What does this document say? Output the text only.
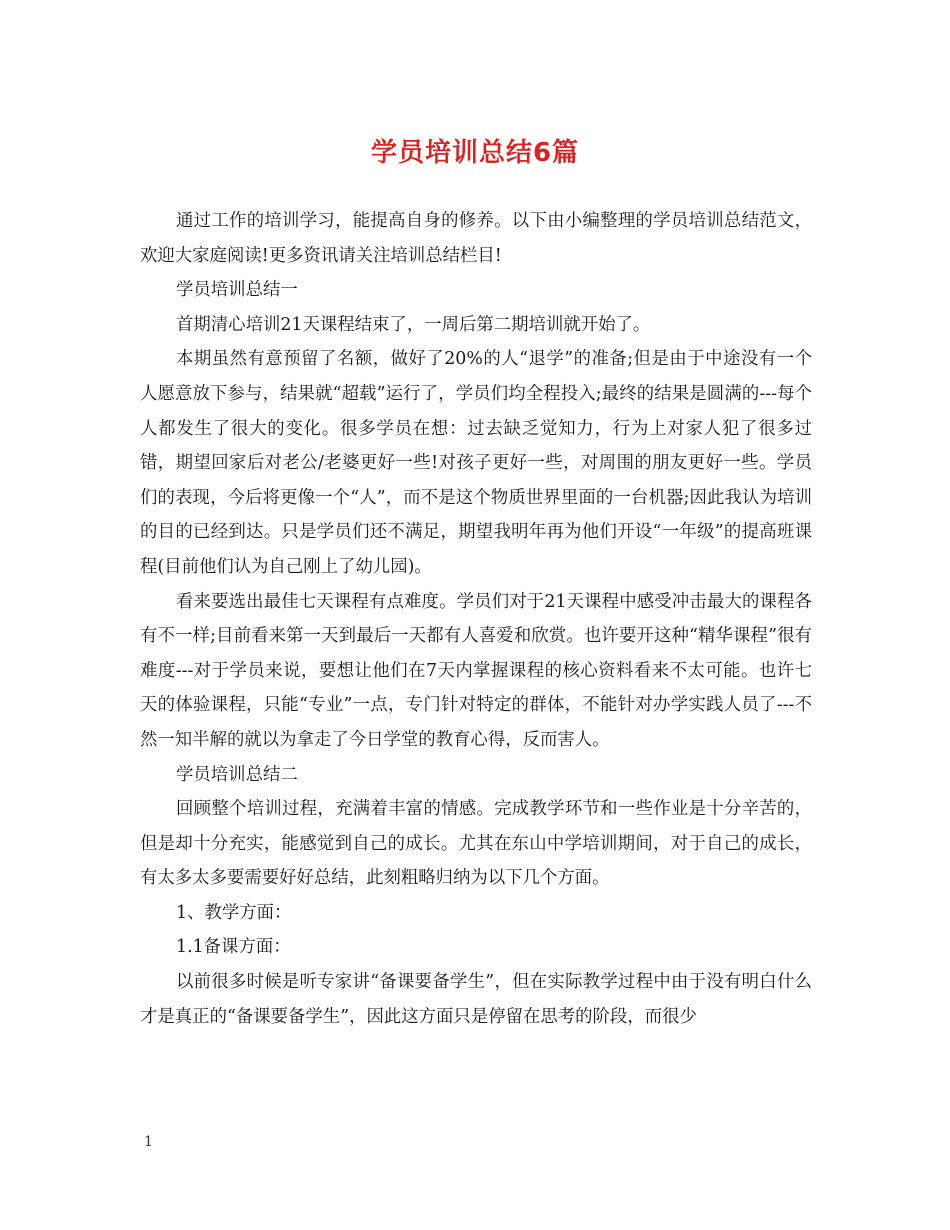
学员培训总结6篇

通过工作的培训学习，能提高自身的修养。以下由小编整理的学员培训总结范文，欢迎大家庭阅读!更多资讯请关注培训总结栏目!

学员培训总结一

首期清心培训21天课程结束了，一周后第二期培训就开始了。

本期虽然有意预留了名额，做好了20%的人“退学”的准备;但是由于中途没有一个人愿意放下参与，结果就“超载”运行了，学员们均全程投入;最终的结果是圆满的---每个人都发生了很大的变化。很多学员在想：过去缺乏觉知力，行为上对家人犯了很多过错，期望回家后对老公/老婆更好一些!对孩子更好一些，对周围的朋友更好一些。学员们的表现，今后将更像一个“人”，而不是这个物质世界里面的一台机器;因此我认为培训的目的已经到达。只是学员们还不满足，期望我明年再为他们开设“一年级”的提高班课程(目前他们认为自己刚上了幼儿园)。

看来要选出最佳七天课程有点难度。学员们对于21天课程中感受冲击最大的课程各有不一样;目前看来第一天到最后一天都有人喜爱和欣赏。也许要开这种“精华课程”很有难度---对于学员来说，要想让他们在7天内掌握课程的核心资料看来不太可能。也许七天的体验课程，只能“专业”一点，专门针对特定的群体，不能针对办学实践人员了---不然一知半解的就以为拿走了今日学堂的教育心得，反而害人。

学员培训总结二

回顾整个培训过程，充满着丰富的情感。完成教学环节和一些作业是十分辛苦的，但是却十分充实，能感觉到自己的成长。尤其在东山中学培训期间，对于自己的成长，有太多太多要需要好好总结，此刻粗略归纳为以下几个方面。

1、教学方面：

1.1备课方面：

以前很多时候是听专家讲“备课要备学生”，但在实际教学过程中由于没有明白什么才是真正的“备课要备学生”，因此这方面只是停留在思考的阶段，而很少

1
